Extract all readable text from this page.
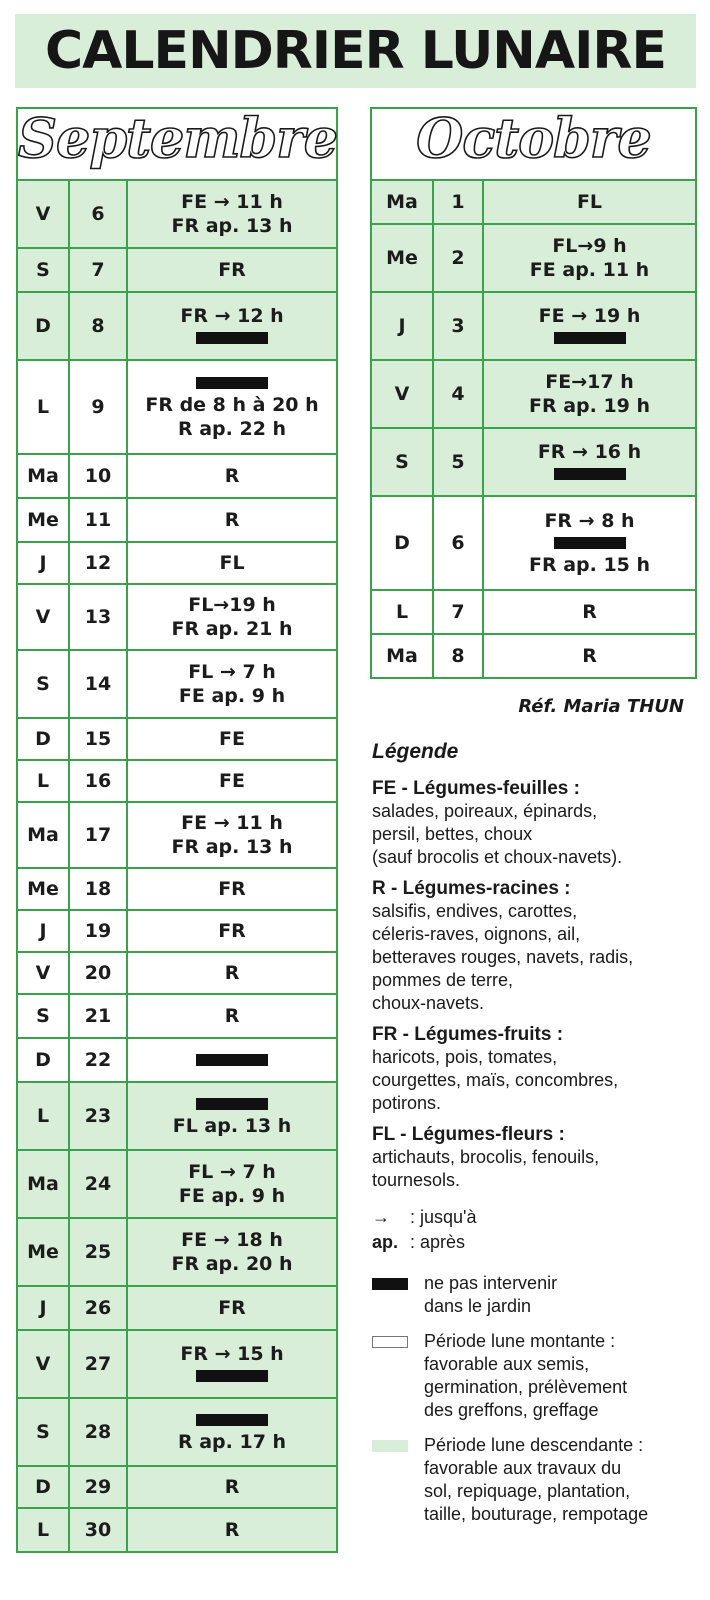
CALENDRIER LUNAIRE
Septembre		
V	6	FE → 11 h
FR ap. 13 h

S	7	FR

D	8	FR → 12 h

L	9	FR de 8 h à 20 h
R ap. 22 h

Ma	10	R

Me	11	R

J	12	FL

V	13	FL→19 h
FR ap. 21 h

S	14	FL → 7 h
FE ap. 9 h

D	15	FE

L	16	FE

Ma	17	FE → 11 h
FR ap. 13 h

Me	18	FR

J	19	FR

V	20	R

S	21	R

D	22	

L	23	FL ap. 13 h

Ma	24	FL → 7 h
FE ap. 9 h

Me	25	FE → 18 h
FR ap. 20 h

J	26	FR

V	27	FR → 15 h

S	28	R ap. 17 h

D	29	R

L	30	R
Octobre		
Ma	1	FL

Me	2	FL→9 h
FE ap. 11 h

J	3	FE → 19 h

V	4	FE→17 h
FR ap. 19 h

S	5	FR → 16 h

D	6	FR → 8 h
FR ap. 15 h

L	7	R

Ma	8	R
Réf. Maria THUN
Légende
FE - Légumes-feuilles :
salades, poireaux, épinards,
persil, bettes, choux
(sauf brocolis et choux-navets).
R - Légumes-racines :
salsifis, endives, carottes,
céleris-raves, oignons, ail,
betteraves rouges, navets, radis,
pommes de terre,
choux-navets.
FR - Légumes-fruits :
haricots, pois, tomates,
courgettes, maïs, concombres,
potirons.
FL - Légumes-fleurs :
artichauts, brocolis, fenouils,
tournesols.
→	: jusqu'à
ap. : après
ne pas intervenir
dans le jardin
Période lune montante :
favorable aux semis,
germination, prélèvement
des greffons, greffage
Période lune descendante :
favorable aux travaux du
sol, repiquage, plantation,
taille, bouturage, rempotage
